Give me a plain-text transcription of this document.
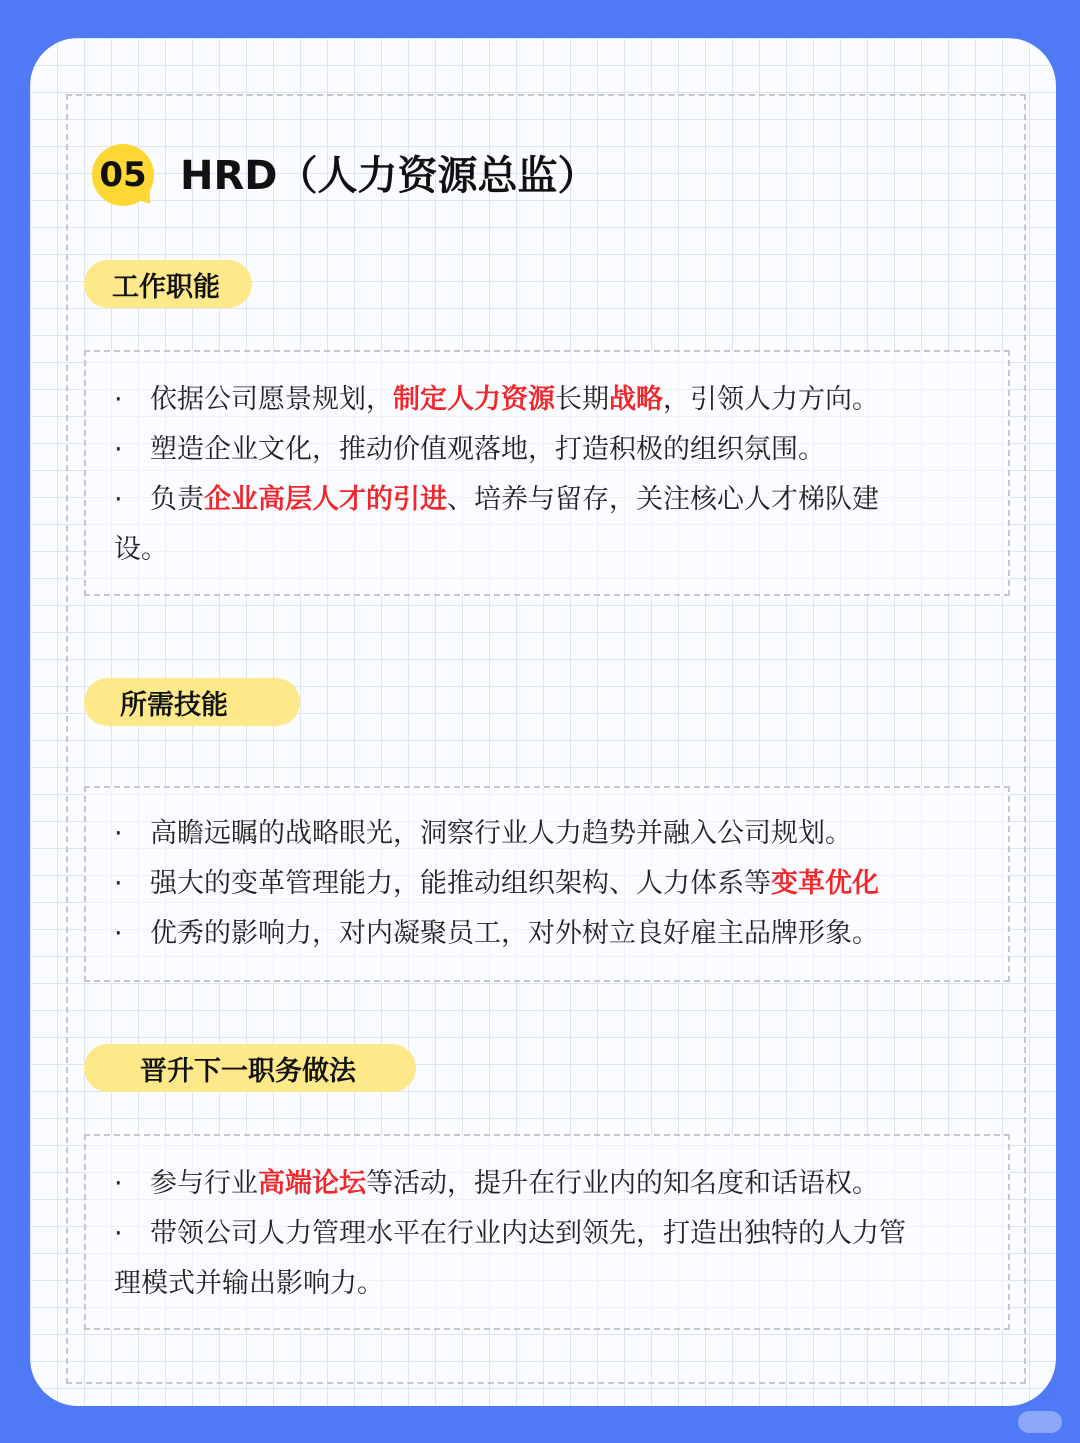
05 HRD（人力资源总监）
工作职能
· 依据公司愿景规划，制定人力资源长期战略，引领人力方向。
· 塑造企业文化，推动价值观落地，打造积极的组织氛围。
· 负责企业高层人才的引进、培养与留存，关注核心人才梯队建
设。
所需技能
· 高瞻远瞩的战略眼光，洞察行业人力趋势并融入公司规划。
· 强大的变革管理能力，能推动组织架构、人力体系等变革优化
· 优秀的影响力，对内凝聚员工，对外树立良好雇主品牌形象。
晋升下一职务做法
· 参与行业高端论坛等活动，提升在行业内的知名度和话语权。
· 带领公司人力管理水平在行业内达到领先，打造出独特的人力管
理模式并输出影响力。
